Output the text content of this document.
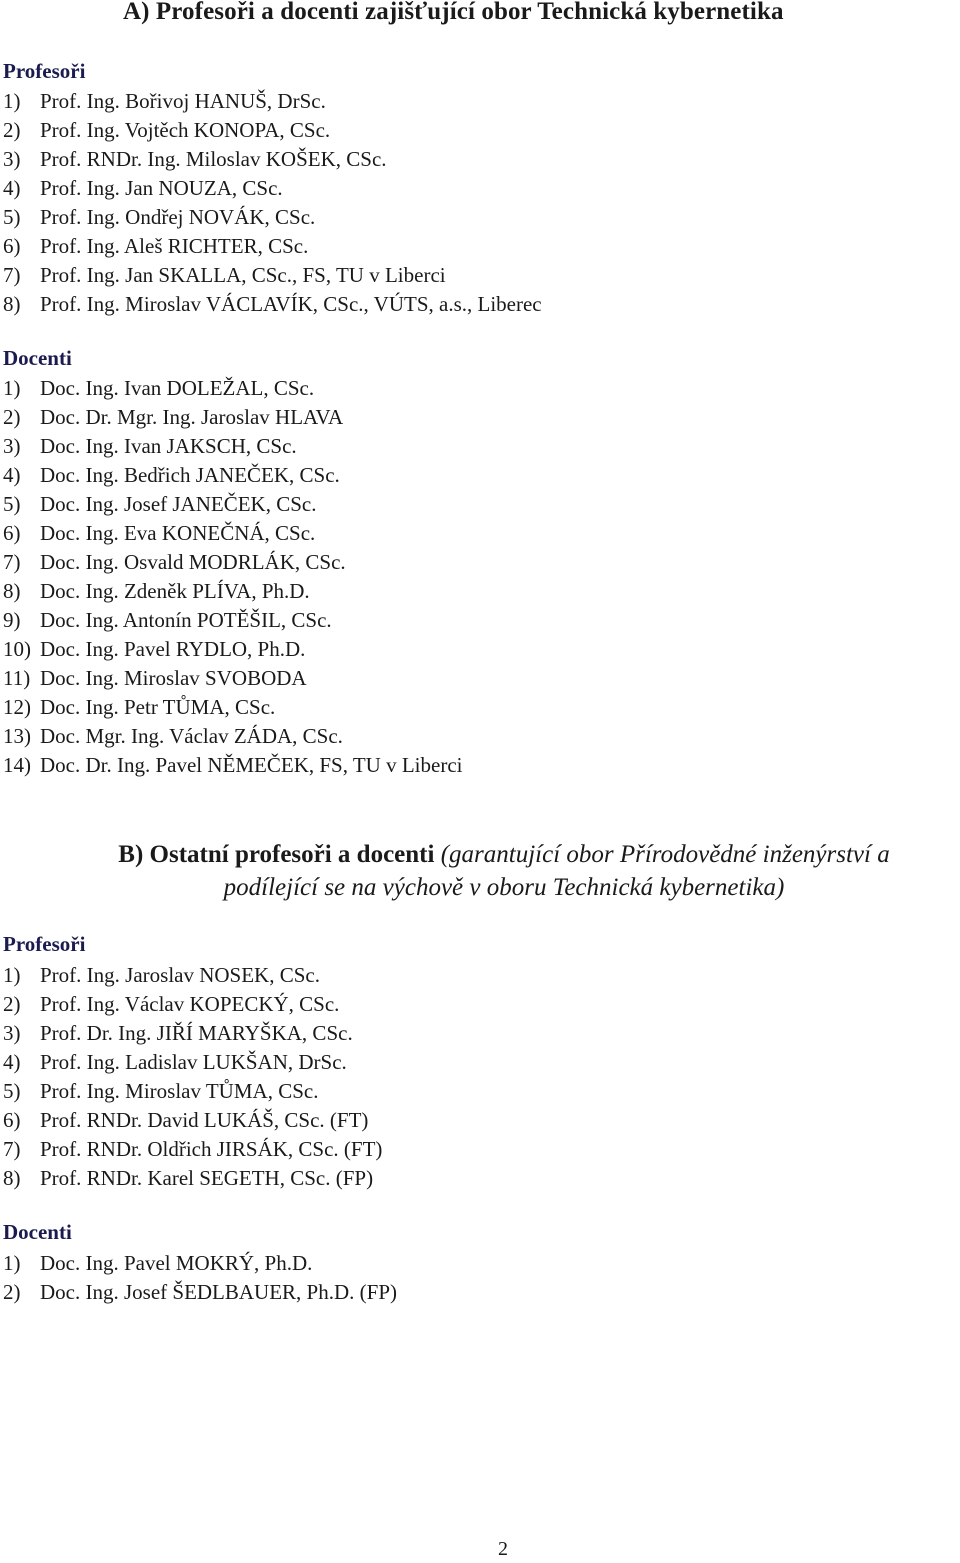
A) Profesoři a docenti zajišťující obor Technická kybernetika
Profesoři
1) Prof. Ing. Bořivoj HANUŠ, DrSc.
2) Prof. Ing. Vojtěch KONOPA, CSc.
3) Prof. RNDr. Ing. Miloslav KOŠEK, CSc.
4) Prof. Ing. Jan NOUZA, CSc.
5) Prof. Ing. Ondřej NOVÁK, CSc.
6) Prof. Ing. Aleš RICHTER, CSc.
7) Prof. Ing. Jan SKALLA, CSc., FS, TU v Liberci
8) Prof. Ing. Miroslav VÁCLAVÍK, CSc., VÚTS, a.s., Liberec
Docenti
1) Doc. Ing. Ivan DOLEŽAL, CSc.
2) Doc. Dr. Mgr. Ing. Jaroslav HLAVA
3) Doc. Ing. Ivan JAKSCH, CSc.
4) Doc. Ing. Bedřich JANEČEK, CSc.
5) Doc. Ing. Josef JANEČEK, CSc.
6) Doc. Ing. Eva KONEČNÁ, CSc.
7) Doc. Ing. Osvald MODRLÁK, CSc.
8) Doc. Ing. Zdeněk PLÍVA, Ph.D.
9) Doc. Ing. Antonín POTĚŠIL, CSc.
10) Doc. Ing. Pavel RYDLO, Ph.D.
11) Doc. Ing. Miroslav SVOBODA
12) Doc. Ing. Petr TŮMA, CSc.
13) Doc. Mgr. Ing. Václav ZÁDA, CSc.
14) Doc. Dr. Ing. Pavel NĚMEČEK, FS, TU v Liberci
B) Ostatní profesoři a docenti (garantující obor Přírodovědné inženýrství a
podílející se na výchově v oboru Technická kybernetika)
Profesoři
1) Prof. Ing. Jaroslav NOSEK, CSc.
2) Prof. Ing. Václav KOPECKÝ, CSc.
3) Prof. Dr. Ing. JIŘÍ MARYŠKA, CSc.
4) Prof. Ing. Ladislav LUKŠAN, DrSc.
5) Prof. Ing. Miroslav TŮMA, CSc.
6) Prof. RNDr. David LUKÁŠ, CSc. (FT)
7) Prof. RNDr. Oldřich JIRSÁK, CSc. (FT)
8) Prof. RNDr. Karel SEGETH, CSc. (FP)
Docenti
1) Doc. Ing. Pavel MOKRÝ, Ph.D.
2) Doc. Ing. Josef ŠEDLBAUER, Ph.D. (FP)
2
